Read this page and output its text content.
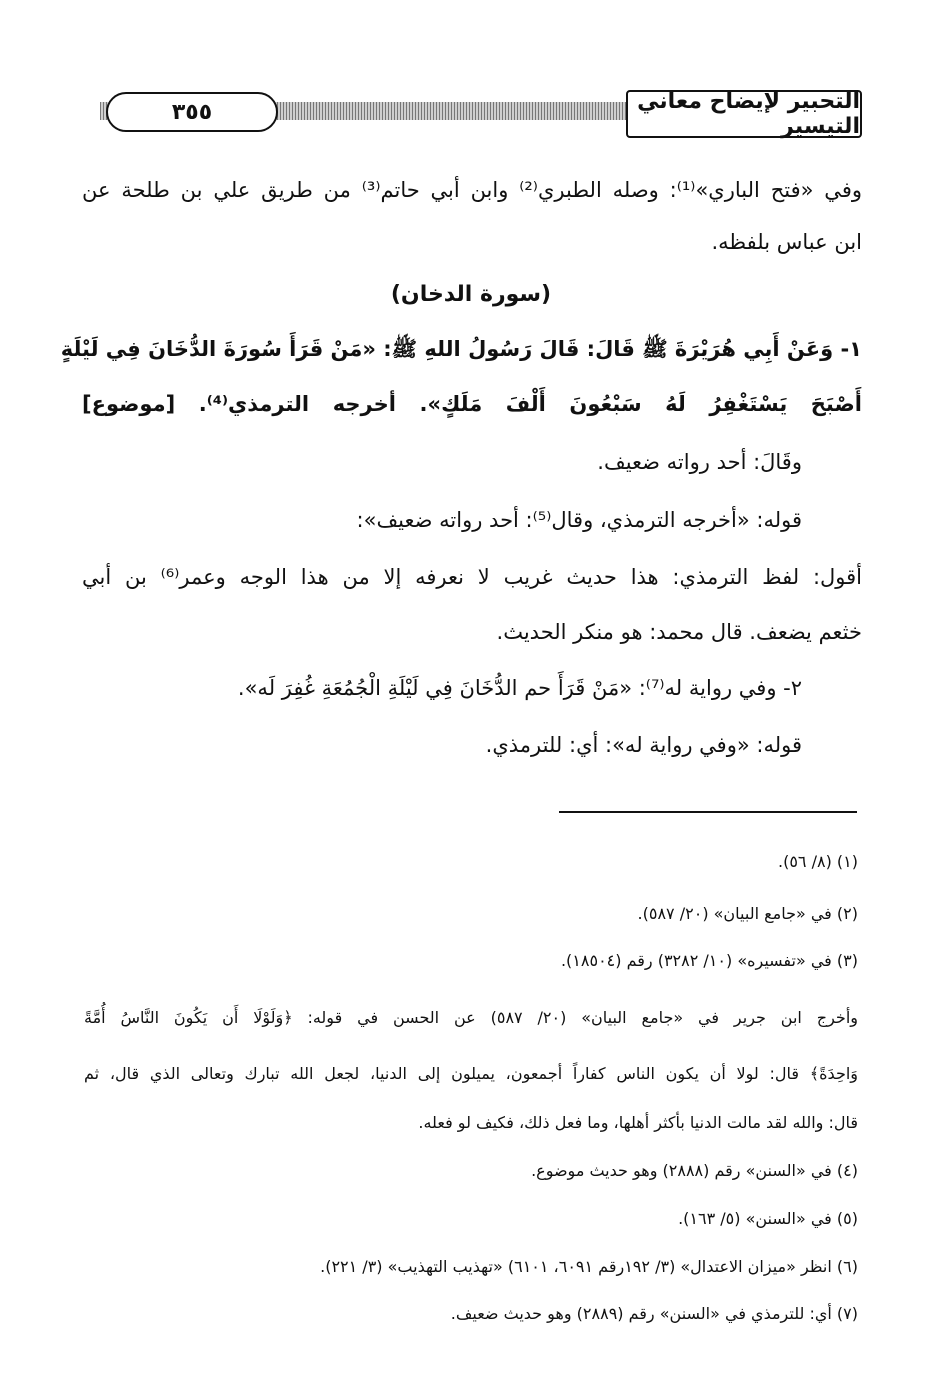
٣٥٥	التحبير لإيضاح معاني التيسير
وفي «فتح الباري»⁽¹⁾: وصله الطبري⁽²⁾ وابن أبي حاتم⁽³⁾ من طريق علي بن طلحة عن
ابن عباس بلفظه.
(سورة الدخان)
١- وَعَنْ أَبِي هُرَيْرَةَ ﷺ قَالَ: قَالَ رَسُولُ اللهِ ﷺ: «مَنْ قَرَأَ سُورَةَ الدُّخَانَ فِي لَيْلَةٍ
أَصْبَحَ يَسْتَغْفِرُ لَهُ سَبْعُونَ أَلْفَ مَلَكٍ». أخرجه الترمذي⁽⁴⁾. [موضوع]
وقَالَ: أحد رواته ضعيف.
قوله: «أخرجه الترمذي، وقال⁽⁵⁾: أحد رواته ضعيف»:
أقول: لفظ الترمذي: هذا حديث غريب لا نعرفه إلا من هذا الوجه وعمر⁽⁶⁾ بن أبي
خثعم يضعف. قال محمد: هو منكر الحديث.
٢- وفي رواية له⁽⁷⁾: «مَنْ قَرَأَ حم الدُّخَانَ فِي لَيْلَةِ الْجُمُعَةِ غُفِرَ لَه».
قوله: «وفي رواية له»: أي: للترمذي.
(١) (٨/ ٥٦).
(٢) في «جامع البيان» (٢٠/ ٥٨٧).
(٣) في «تفسيره» (١٠/ ٣٢٨٢) رقم (١٨٥٠٤).
وأخرج ابن جرير في «جامع البيان» (٢٠/ ٥٨٧) عن الحسن في قوله: ﴿وَلَوْلَا أَن يَكُونَ النَّاسُ أُمَّةً
وَاحِدَةً﴾ قال: لولا أن يكون الناس كفاراً أجمعون، يميلون إلى الدنيا، لجعل الله تبارك وتعالى الذي قال، ثم
قال: والله لقد مالت الدنيا بأكثر أهلها، وما فعل ذلك، فكيف لو فعله.
(٤) في «السنن» رقم (٢٨٨٨) وهو حديث موضوع.
(٥) في «السنن» (٥/ ١٦٣).
(٦) انظر «ميزان الاعتدال» (٣/ ١٩٢رقم ٦٠٩١، ٦١٠١) «تهذيب التهذيب» (٣/ ٢٢١).
(٧) أي: للترمذي في «السنن» رقم (٢٨٨٩) وهو حديث ضعيف.
